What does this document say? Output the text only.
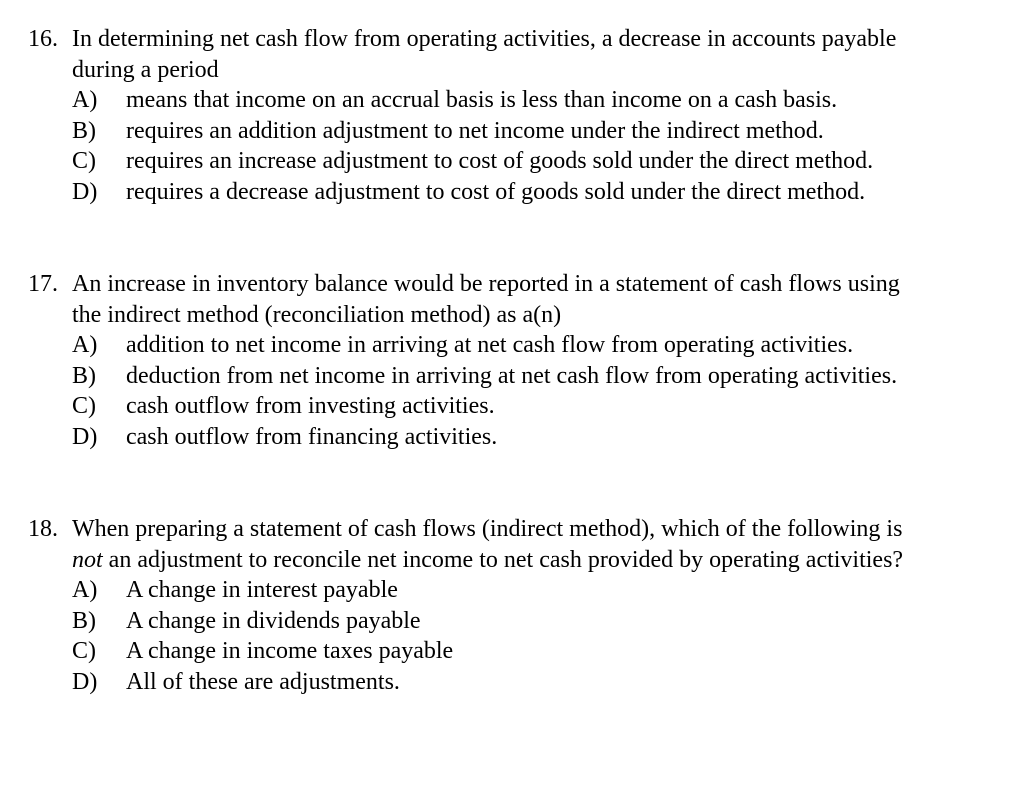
16. In determining net cash flow from operating activities, a decrease in accounts payable
during a period
A) means that income on an accrual basis is less than income on a cash basis.
B) requires an addition adjustment to net income under the indirect method.
C) requires an increase adjustment to cost of goods sold under the direct method.
D) requires a decrease adjustment to cost of goods sold under the direct method.
17. An increase in inventory balance would be reported in a statement of cash flows using
the indirect method (reconciliation method) as a(n)
A) addition to net income in arriving at net cash flow from operating activities.
B) deduction from net income in arriving at net cash flow from operating activities.
C) cash outflow from investing activities.
D) cash outflow from financing activities.
18. When preparing a statement of cash flows (indirect method), which of the following is
not an adjustment to reconcile net income to net cash provided by operating activities?
A) A change in interest payable
B) A change in dividends payable
C) A change in income taxes payable
D) All of these are adjustments.
